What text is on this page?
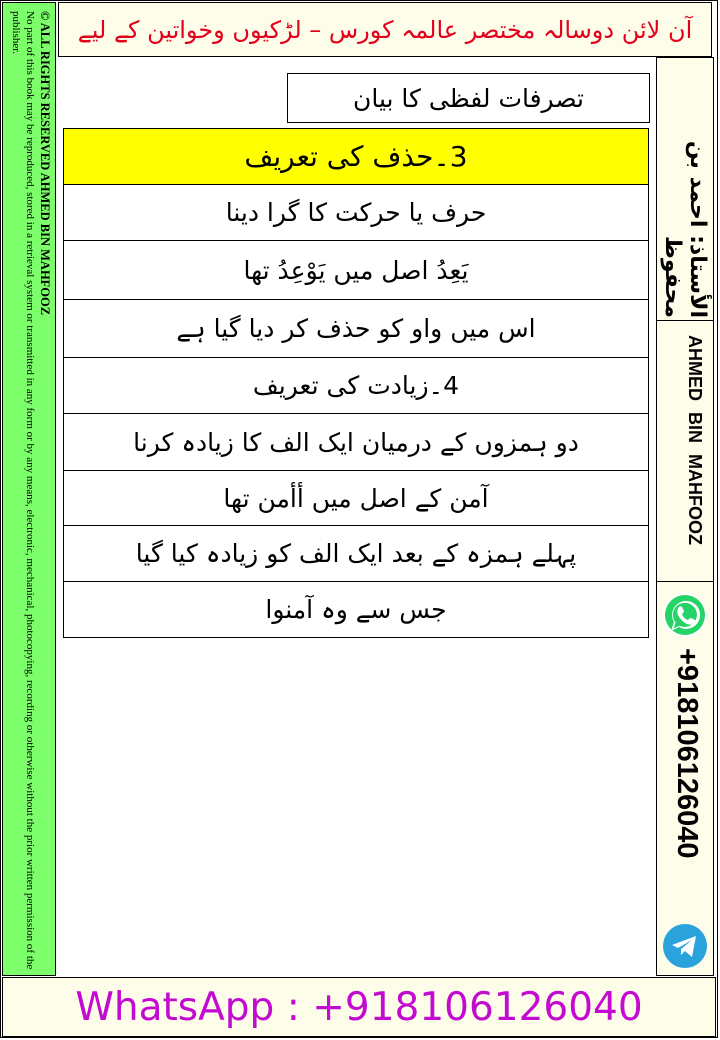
آن لائن دوسالہ مختصر عالمہ کورس – لڑکیوں وخواتین کے لیے
© ALL RIGHTS RESERVED AHMED BIN MAHFOOZ
No part of this book may be reproduced, stored in a retrieval system or transmitted in any form or by any means, electronic, mechanical, photocopying, recording or otherwise without the prior written permission of the publisher.
تصرفات لفظی کا بیان
3۔حذف کی تعریف
حرف یا حرکت کا گرا دینا
یَعِدُ اصل میں یَوْعِدُ تھا
اس میں واو کو حذف کر دیا گیا ہے
4۔زیادت کی تعریف
دو ہمزوں کے درمیان ایک الف کا زیادہ کرنا
آمن کے اصل میں أأمن تھا
پہلے ہمزہ کے بعد ایک الف کو زیادہ کیا گیا
جس سے وہ آمنوا
الأستاذ: احمد بن محفوظ
AHMED BIN MAHFOOZ
+918106126040
WhatsApp : +918106126040
